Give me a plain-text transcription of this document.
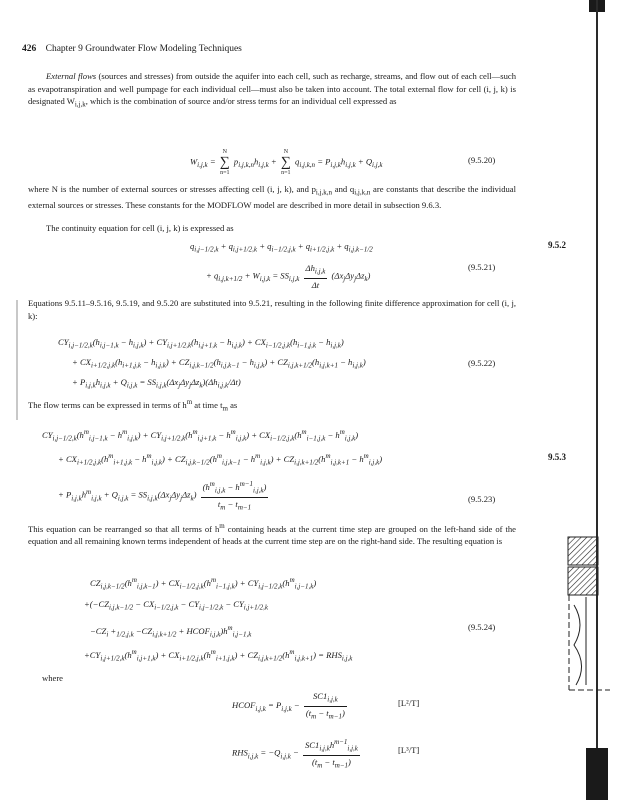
426 Chapter 9 Groundwater Flow Modeling Techniques
External flows (sources and stresses) from outside the aquifer into each cell, such as recharge, streams, and flow out of each cell—such as evapotranspiration and well pumpage for each individual cell—must also be taken into account. The total external flow for cell (i, j, k) is designated $W_{i,j,k}$, which is the combination of source and/or stress terms for an individual cell expressed as
$W_{i,j,k}$ =
N
∑
n=1
$p_{i,j,k,n}h_{i,j,k}$ +
N
∑
n=1
$q_{i,j,k,n} = P_{i,j,k}h_{i,j,k} + Q_{i,j,k}$
(9.5.20)
where N is the number of external sources or stresses affecting cell (i, j, k), and $p_{i,j,k,n}$ and $q_{i,j,k,n}$ are constants that describe the individual external sources or stresses. These constants for the MODFLOW model are described in more detail in subsection 9.6.3.
The continuity equation for cell (i, j, k) is expressed as
$q_{i,j-1/2,k} + q_{i,j+1/2,k} + q_{i-1/2,j,k} + q_{i+1/2,j,k} + q_{i,j,k-1/2}$
+ $q_{i,j,k+1/2} + W_{i,j,k} = SS_{i,j,k} \frac{\Delta h_{i,j,k}}{\Delta t} (\Delta x_j\Delta y_j\Delta z_k)$
(9.5.21)
Equations 9.5.11–9.5.16, 9.5.19, and 9.5.20 are substituted into 9.5.21, resulting in the following finite difference approximation for cell (i, j, k):
$CY_{i,j-1/2,k}(h_{i,j-1,k} - h_{i,j,k}) + CY_{i,j+1/2,k}(h_{i,j+1,k} - h_{i,j,k}) + CX_{i-1/2,j,k}(h_{i-1,j,k} - h_{i,j,k})$
+ $CX_{i+1/2,j,k}(h_{i+1,j,k} - h_{i,j,k}) + CZ_{i,j,k-1/2}(h_{i,j,k-1} - h_{i,j,k}) + CZ_{i,j,k+1/2}(h_{i,j,k+1} - h_{i,j,k})$	(9.5.22)
+ $P_{i,j,k}h_{i,j,k} + Q_{i,j,k} = SS_{i,j,k}(\Delta x_j\Delta y_j\Delta z_k)(\Delta h_{i,j,k}/\Delta t)$
The flow terms can be expressed in terms of $h^m$ at time $t_m$ as
$CY_{i,j-1/2,k}(h^m_{i,j-1,k} - h^m_{i,j,k}) + CY_{i,j+1/2,k}(h^m_{i,j+1,k} - h^m_{i,j,k}) + CX_{i-1/2,j,k}(h^m_{i-1,j,k} - h^m_{i,j,k})$
+ $CX_{i+1/2,j,k}(h^m_{i+1,j,k} - h^m_{i,j,k}) + CZ_{i,j,k-1/2}(h^m_{i,j,k-1} - h^m_{i,j,k}) + CZ_{i,j,k+1/2}(h^m_{i,j,k+1} - h^m_{i,j,k})$
+ $P_{i,j,k}h^m_{i,j,k} + Q_{i,j,k} = SS_{i,j,k}(\Delta x_j\Delta y_j\Delta z_k) \frac{(h^m_{i,j,k} - h^{m-1}_{i,j,k})}{t_m - t_{m-1}}$	(9.5.23)
This equation can be rearranged so that all terms of $h^m$ containing heads at the current time step are grouped on the left-hand side of the equation and all remaining known terms independent of heads at the current time step are on the right-hand side. The resulting equation is
$CZ_{i,j,k-1/2}(h^m_{i,j,k-1}) + CX_{i-1/2,j,k}(h^m_{i-1,j,k}) + CY_{i,j-1/2,k}(h^m_{i,j-1,k})$
$+(-CZ_{i,j,k-1/2} - CX_{i-1/2,j,k} - CY_{i,j-1/2,k} - CY_{i,j+1/2,k}$
$-CZ_i +_{1/2,j,k} -CZ_{i,j,k+1/2}$ + $HCOF_{i,j,k})h^m_{i,j-1,k}$
(9.5.24)
$+CY_{i,j+1/2,k}(h^m_{i,j+1,k}) + CX_{i+1/2,j,k}(h^m_{i+1,j,k}) + CZ_{i,j,k+1/2}(h^m_{i,j,k+1}) = RHS_{i,j,k}$
where
$HCOF_{i,j,k} = P_{i,j,k} - \frac{SC1_{i,j,k}}{(t_m - t_{m-1})}$	[L²/T]
$RHS_{i,j,k} = -Q_{i,j,k} - \frac{SC1_{i,j,k}h^{m-1}_{i,j,k}}{(t_m - t_{m-1})}$	[L³/T]
9.5.2
9.5.3
